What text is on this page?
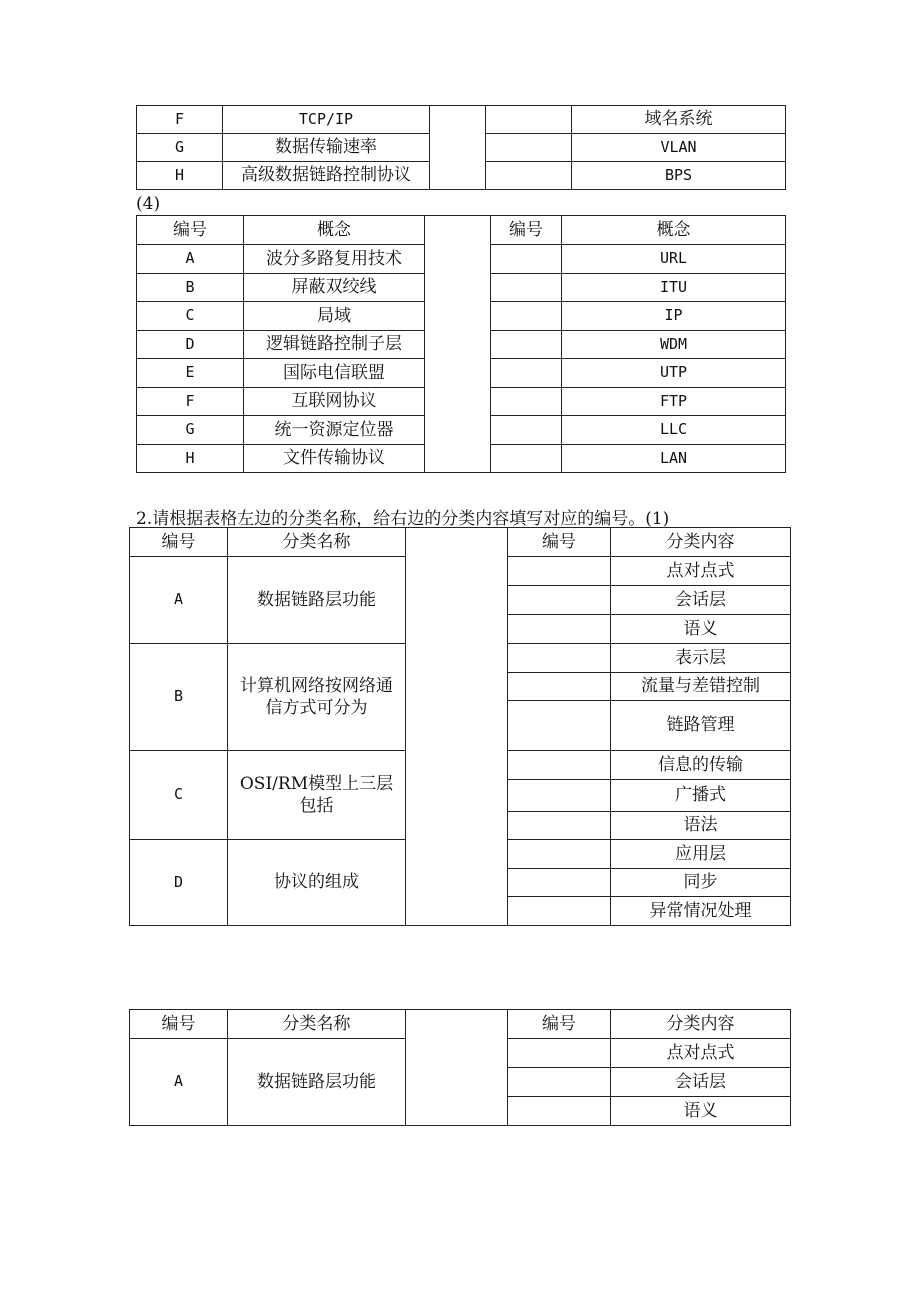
F	TCP/IP			域名系统
G	数据传输速率			VLAN
H	高级数据链路控制协议			BPS
(4)
编号	概念		编号	概念
A	波分多路复用技术			URL
B	屏蔽双绞线			ITU
C	局域			IP
D	逻辑链路控制子层			WDM
E	国际电信联盟			UTP
F	互联网协议			FTP
G	统一资源定位器			LLC
H	文件传输协议			LAN
2.请根据表格左边的分类名称，给右边的分类内容填写对应的编号。(1)
编号	分类名称		编号	分类内容
A	数据链路层功能			点对点式
				会话层
				语义
B	计算机网络按网络通信方式可分为			表示层
				流量与差错控制
				链路管理
C	OSI/RM模型上三层包括			信息的传输
				广播式
				语法
D	协议的组成			应用层
				同步
				异常情况处理
编号	分类名称		编号	分类内容
A	数据链路层功能			点对点式
				会话层
				语义
